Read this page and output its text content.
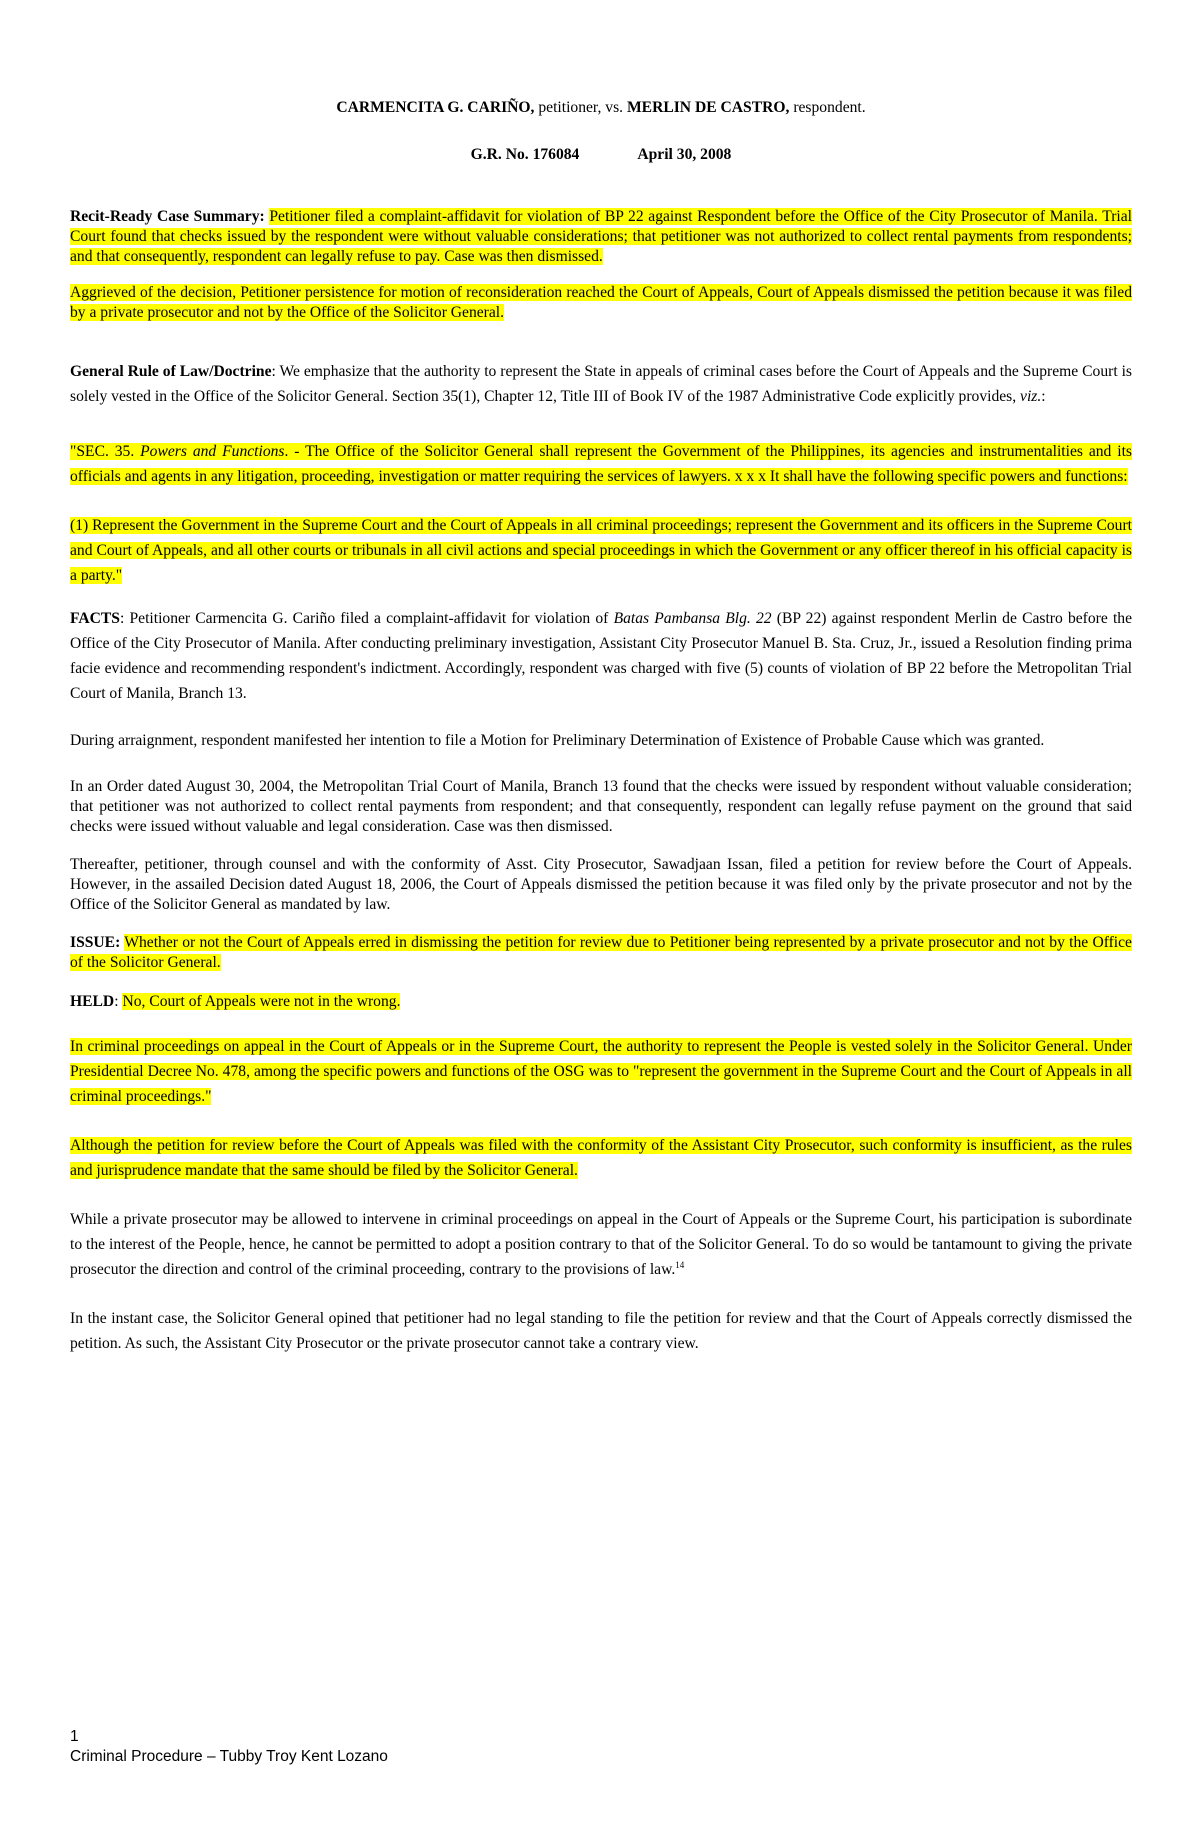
CARMENCITA G. CARIÑO, petitioner, vs. MERLIN DE CASTRO, respondent.
G.R. No. 176084	April 30, 2008

Recit-Ready Case Summary: Petitioner filed a complaint-affidavit for violation of BP 22 against Respondent before the Office of the City Prosecutor of Manila. Trial Court found that checks issued by the respondent were without valuable considerations; that petitioner was not authorized to collect rental payments from respondents; and that consequently, respondent can legally refuse to pay. Case was then dismissed.

Aggrieved of the decision, Petitioner persistence for motion of reconsideration reached the Court of Appeals, Court of Appeals dismissed the petition because it was filed by a private prosecutor and not by the Office of the Solicitor General.

General Rule of Law/Doctrine: We emphasize that the authority to represent the State in appeals of criminal cases before the Court of Appeals and the Supreme Court is solely vested in the Office of the Solicitor General. Section 35(1), Chapter 12, Title III of Book IV of the 1987 Administrative Code explicitly provides, viz.:

"SEC. 35. Powers and Functions. - The Office of the Solicitor General shall represent the Government of the Philippines, its agencies and instrumentalities and its officials and agents in any litigation, proceeding, investigation or matter requiring the services of lawyers. x x x It shall have the following specific powers and functions:

(1) Represent the Government in the Supreme Court and the Court of Appeals in all criminal proceedings; represent the Government and its officers in the Supreme Court and Court of Appeals, and all other courts or tribunals in all civil actions and special proceedings in which the Government or any officer thereof in his official capacity is a party."

FACTS: Petitioner Carmencita G. Cariño filed a complaint-affidavit for violation of Batas Pambansa Blg. 22 (BP 22) against respondent Merlin de Castro before the Office of the City Prosecutor of Manila. After conducting preliminary investigation, Assistant City Prosecutor Manuel B. Sta. Cruz, Jr., issued a Resolution finding prima facie evidence and recommending respondent's indictment. Accordingly, respondent was charged with five (5) counts of violation of BP 22 before the Metropolitan Trial Court of Manila, Branch 13.

During arraignment, respondent manifested her intention to file a Motion for Preliminary Determination of Existence of Probable Cause which was granted.

In an Order dated August 30, 2004, the Metropolitan Trial Court of Manila, Branch 13 found that the checks were issued by respondent without valuable consideration; that petitioner was not authorized to collect rental payments from respondent; and that consequently, respondent can legally refuse payment on the ground that said checks were issued without valuable and legal consideration. Case was then dismissed.

Thereafter, petitioner, through counsel and with the conformity of Asst. City Prosecutor, Sawadjaan Issan, filed a petition for review before the Court of Appeals. However, in the assailed Decision dated August 18, 2006, the Court of Appeals dismissed the petition because it was filed only by the private prosecutor and not by the Office of the Solicitor General as mandated by law.

ISSUE: Whether or not the Court of Appeals erred in dismissing the petition for review due to Petitioner being represented by a private prosecutor and not by the Office of the Solicitor General.

HELD: No, Court of Appeals were not in the wrong.

In criminal proceedings on appeal in the Court of Appeals or in the Supreme Court, the authority to represent the People is vested solely in the Solicitor General. Under Presidential Decree No. 478, among the specific powers and functions of the OSG was to "represent the government in the Supreme Court and the Court of Appeals in all criminal proceedings."

Although the petition for review before the Court of Appeals was filed with the conformity of the Assistant City Prosecutor, such conformity is insufficient, as the rules and jurisprudence mandate that the same should be filed by the Solicitor General.

While a private prosecutor may be allowed to intervene in criminal proceedings on appeal in the Court of Appeals or the Supreme Court, his participation is subordinate to the interest of the People, hence, he cannot be permitted to adopt a position contrary to that of the Solicitor General. To do so would be tantamount to giving the private prosecutor the direction and control of the criminal proceeding, contrary to the provisions of law.$^{14}$

In the instant case, the Solicitor General opined that petitioner had no legal standing to file the petition for review and that the Court of Appeals correctly dismissed the petition. As such, the Assistant City Prosecutor or the private prosecutor cannot take a contrary view.

1
Criminal Procedure – Tubby Troy Kent Lozano
